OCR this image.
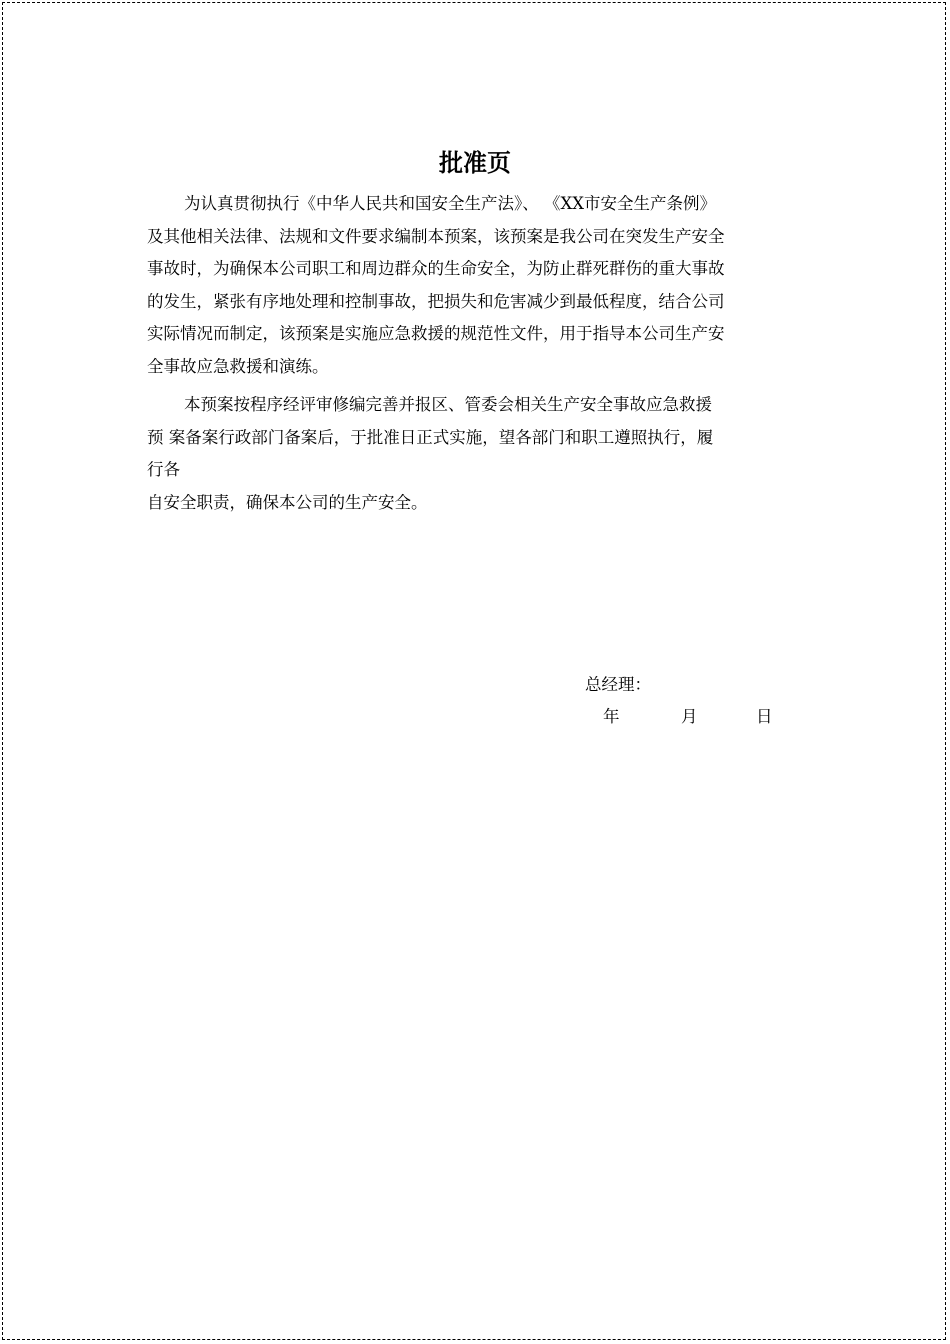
批准页
为认真贯彻执行《中华人民共和国安全生产法》、 《XX市安全生产条例》
及其他相关法律、法规和文件要求编制本预案，该预案是我公司在突发生产安全
事故时，为确保本公司职工和周边群众的生命安全，为防止群死群伤的重大事故
的发生，紧张有序地处理和控制事故，把损失和危害减少到最低程度，结合公司
实际情况而制定，该预案是实施应急救援的规范性文件，用于指导本公司生产安
全事故应急救援和演练。
本预案按程序经评审修编完善并报区、管委会相关生产安全事故应急救援
预 案备案行政部门备案后，于批准日正式实施，望各部门和职工遵照执行，履
行各
自安全职责，确保本公司的生产安全。
总经理：
年	月	日
